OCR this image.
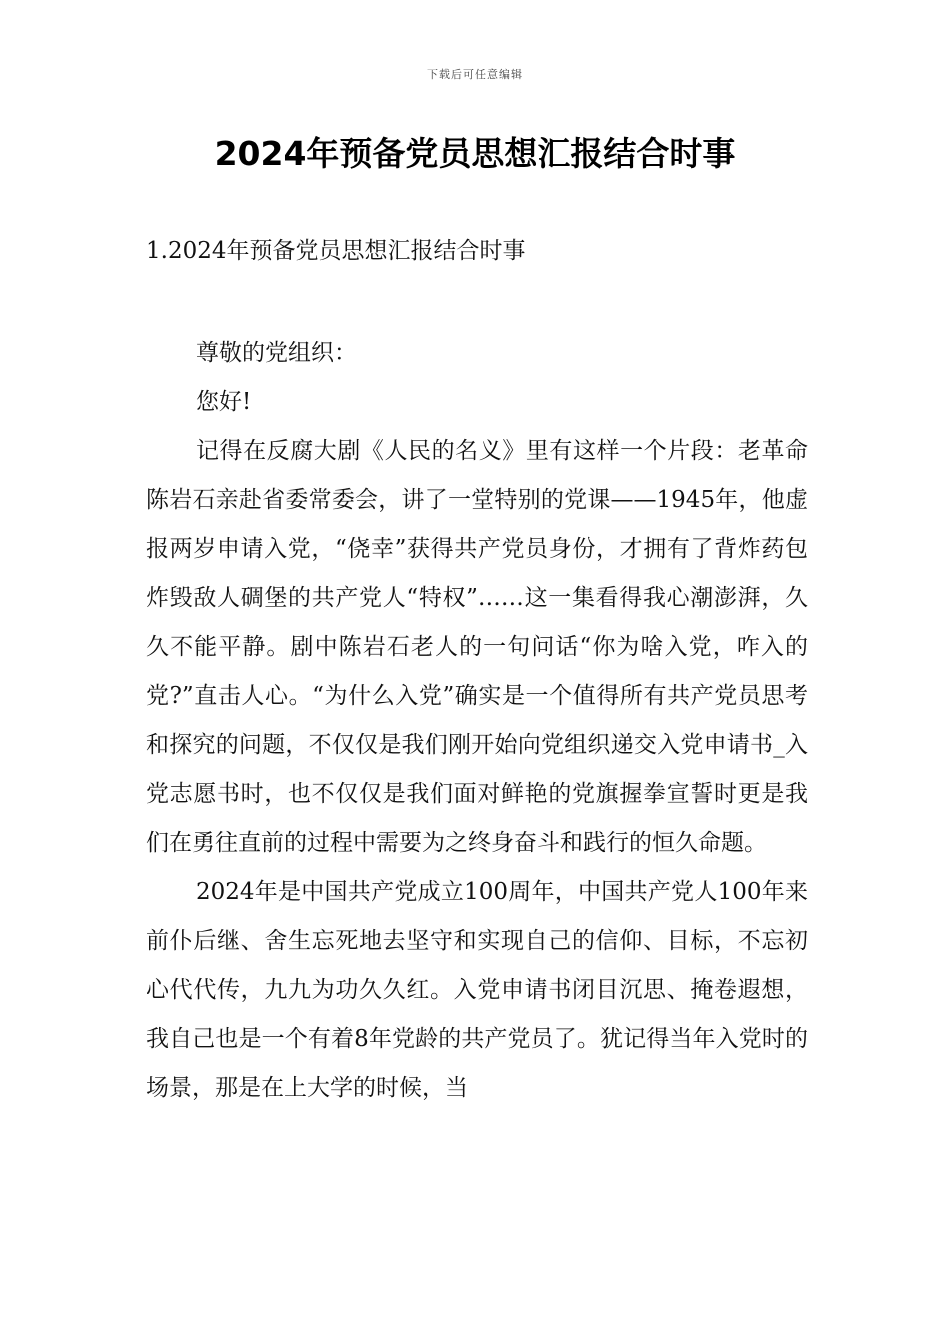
下载后可任意编辑
2024年预备党员思想汇报结合时事
1.2024年预备党员思想汇报结合时事

尊敬的党组织：

您好!

记得在反腐大剧《人民的名义》里有这样一个片段：老革命陈岩石亲赴省委常委会，讲了一堂特别的党课——1945年，他虚报两岁申请入党，“侥幸”获得共产党员身份，才拥有了背炸药包炸毁敌人碉堡的共产党人“特权”……这一集看得我心潮澎湃，久久不能平静。剧中陈岩石老人的一句问话“你为啥入党，咋入的党?”直击人心。“为什么入党”确实是一个值得所有共产党员思考和探究的问题，不仅仅是我们刚开始向党组织递交入党申请书_入党志愿书时，也不仅仅是我们面对鲜艳的党旗握拳宣誓时更是我们在勇往直前的过程中需要为之终身奋斗和践行的恒久命题。

2024年是中国共产党成立100周年，中国共产党人100年来前仆后继、舍生忘死地去坚守和实现自己的信仰、目标，不忘初心代代传，九九为功久久红。入党申请书闭目沉思、掩卷遐想，我自己也是一个有着8年党龄的共产党员了。犹记得当年入党时的场景，那是在上大学的时候，当
